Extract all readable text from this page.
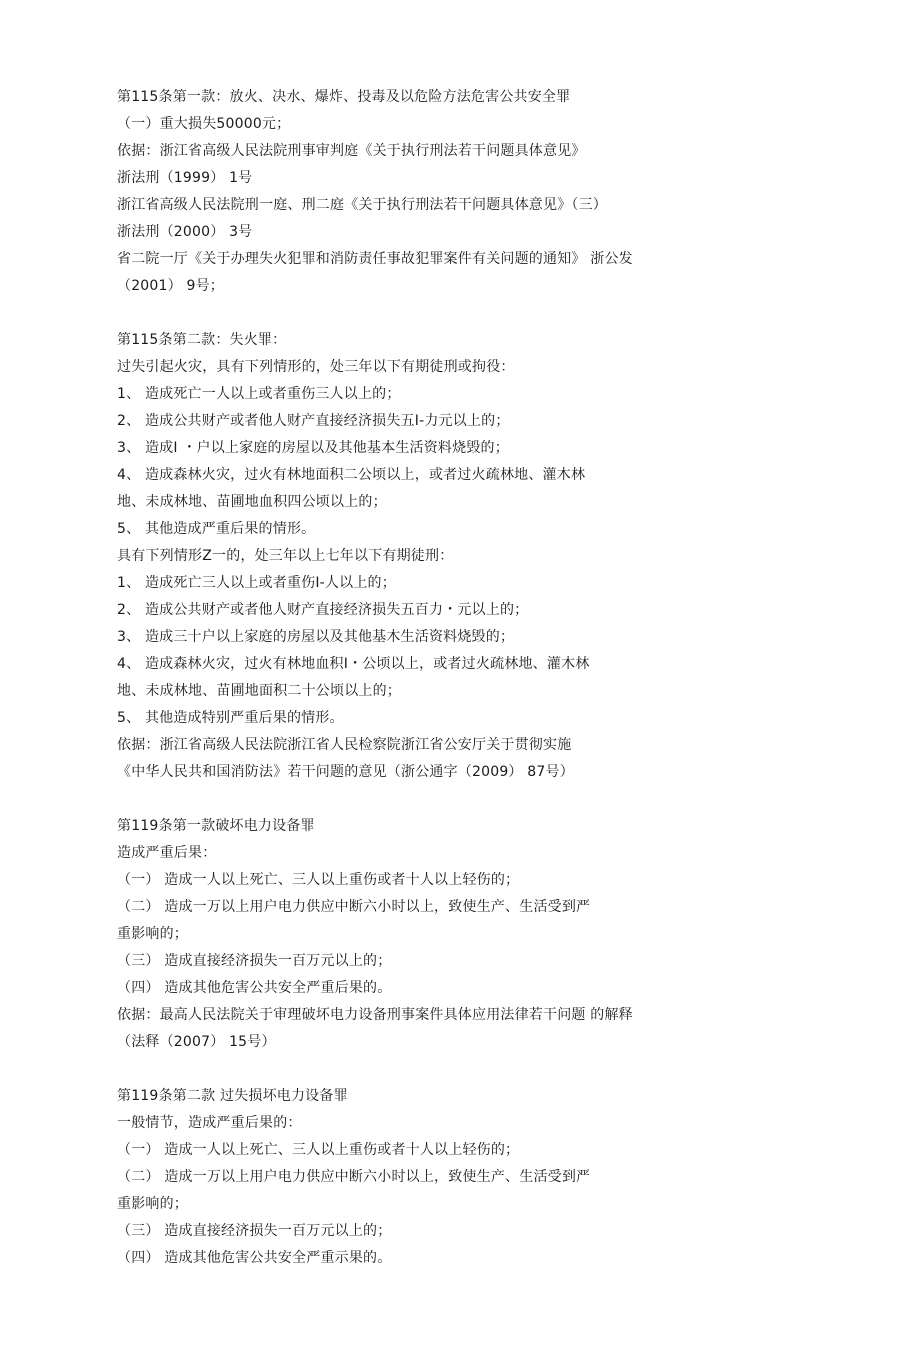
第115条第一款：放火、决水、爆炸、投毒及以危险方法危害公共安全罪
（一）重大损失50000元；
依据：浙江省高级人民法院刑事审判庭《关于执行刑法若干问题具体意见》
浙法刑（1999） 1号
浙江省高级人民法院刑一庭、刑二庭《关于执行刑法若干问题具体意见》（三）
浙法刑（2000） 3号
省二院一厅《关于办理失火犯罪和消防责任事故犯罪案件有关问题的通知》 浙公发
（2001） 9号；
第115条第二款：失火罪：
过失引起火灾，具有下列情形的，处三年以下有期徒刑或拘役：
1、 造成死亡一人以上或者重伤三人以上的；
2、 造成公共财产或者他人财产直接经济损失五I-力元以上的；
3、 造成I ・户以上家庭的房屋以及其他基本生活资料烧毁的；
4、 造成森林火灾，过火有林地面积二公顷以上，或者过火疏林地、灌木林
地、未成林地、苗圃地血积四公顷以上的；
5、 其他造成严重后果的情形。
具有下列情形Z一的，处三年以上七年以下有期徒刑：
1、 造成死亡三人以上或者重伤I-人以上的；
2、 造成公共财产或者他人财产直接经济损失五百力・元以上的；
3、 造成三十户以上家庭的房屋以及其他基木生活资料烧毁的；
4、 造成森林火灾，过火有林地血积I・公顷以上，或者过火疏林地、灌木林
地、未成林地、苗圃地面积二十公顷以上的；
5、 其他造成特别严重后果的情形。
依据：浙江省高级人民法院浙江省人民检察院浙江省公安厅关于贯彻实施
《中华人民共和国消防法》若干问题的意见（浙公通字（2009） 87号）
第119条第一款破坏电力设备罪
造成严重后果：
（一） 造成一人以上死亡、三人以上重伤或者十人以上轻伤的；
（二） 造成一万以上用户电力供应中断六小时以上，致使生产、生活受到严
重影响的；
（三） 造成直接经济损失一百万元以上的；
（四） 造成其他危害公共安全严重后果的。
依据：最高人民法院关于审理破坏电力设备刑事案件具体应用法律若干问题 的解释
（法释（2007） 15号）
第119条第二款 过失损坏电力设备罪
一般情节，造成严重后果的：
（一） 造成一人以上死亡、三人以上重伤或者十人以上轻伤的；
（二） 造成一万以上用户电力供应中断六小时以上，致使生产、生活受到严
重影响的；
（三） 造成直接经济损失一百万元以上的；
（四） 造成其他危害公共安全严重示果的。
